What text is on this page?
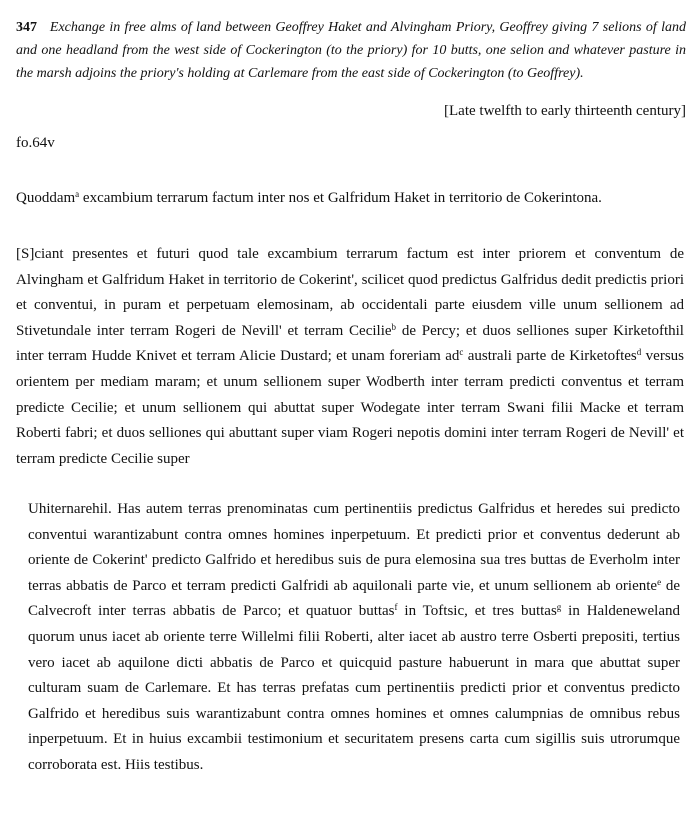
347 Exchange in free alms of land between Geoffrey Haket and Alvingham Priory, Geoffrey giving 7 selions of land and one headland from the west side of Cockerington (to the priory) for 10 butts, one selion and whatever pasture in the marsh adjoins the priory's holding at Carlemare from the east side of Cockerington (to Geoffrey).
[Late twelfth to early thirteenth century]
fo.64v
Quoddam$^a$ excambium terrarum factum inter nos et Galfridum Haket in territorio de Cokerintona.
[S]ciant presentes et futuri quod tale excambium terrarum factum est inter priorem et conventum de Alvingham et Galfridum Haket in territorio de Cokerint', scilicet quod predictus Galfridus dedit predictis priori et conventui, in puram et perpetuam elemosinam, ab occidentali parte eiusdem ville unum sellionem ad Stivetundale inter terram Rogeri de Nevill' et terram Cecilie$^b$ de Percy; et duos selliones super Kirketofthil inter terram Hudde Knivet et terram Alicie Dustard; et unam foreriam $ad^c$ australi parte de Kirketoftes$^d$ versus orientem per mediam maram; et unum sellionem super Wodberth inter terram predicti conventus et terram predicte Cecilie; et unum sellionem qui abuttat super Wodegate inter terram Swani filii Macke et terram Roberti fabri; et duos selliones qui abuttant super viam Rogeri nepotis domini inter terram Rogeri de Nevill' et terram predicte Cecilie super
Uhiternarehil. Has autem terras prenominatas cum pertinentiis predictus Galfridus et heredes sui predicto conventui warantizabunt contra omnes homines inperpetuum. Et predicti prior et conventus dederunt ab oriente de Cokerint' predicto Galfrido et heredibus suis de pura elemosina sua tres buttas de Everholm inter terras abbatis de Parco et terram predicti Galfridi ab aquilonali parte vie, et unum sellionem ab oriente$^e$ de Calvecroft inter terras abbatis de Parco; et quatuor buttas$^f$ in Toftsic, et tres buttas$^g$ in Haldeneweland quorum unus iacet ab oriente terre Willelmi filii Roberti, alter iacet ab austro terre Osberti prepositi, tertius vero iacet ab aquilone dicti abbatis de Parco et quicquid pasture habuerunt in mara que abuttat super culturam suam de Carlemare. Et has terras prefatas cum pertinentiis predicti prior et conventus predicto Galfrido et heredibus suis warantizabunt contra omnes homines et omnes calumpnias de omnibus rebus inperpetuum. Et in huius excambii testimonium et securitatem presens carta cum sigillis suis utrorumque corroborata est. Hiis testibus.
